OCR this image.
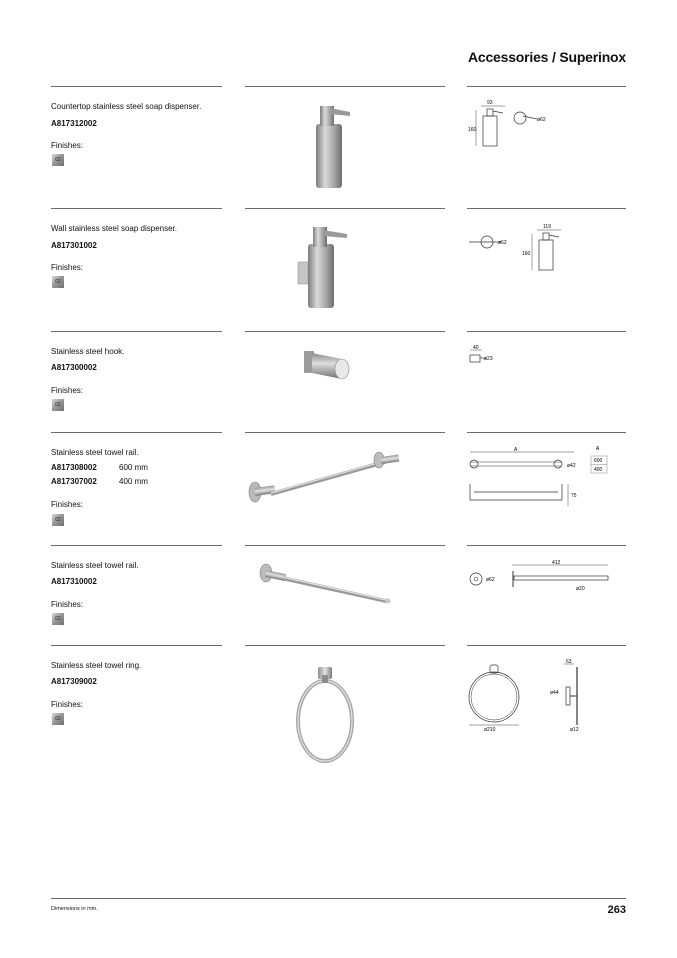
Accessories / Superinox
Countertop stainless steel soap dispenser.
A817312002
Finishes:
02
93
160
ø62
Wall stainless steel soap dispenser.
A817301002
Finishes:
02
ø62
119
160
Stainless steel hook.
A817300002
Finishes:
02
40
ø23
Stainless steel towel rail.
A817308002	600 mm
A817307002	400 mm
Finishes:
02
A
ø42
A
600
400
75
Stainless steel towel rail.
A817310002
Finishes:
02
ø62
412
ø20
Stainless steel towel ring.
A817309002
Finishes:
02
ø210
63
ø44
ø12
Dimensions in mm.	263
